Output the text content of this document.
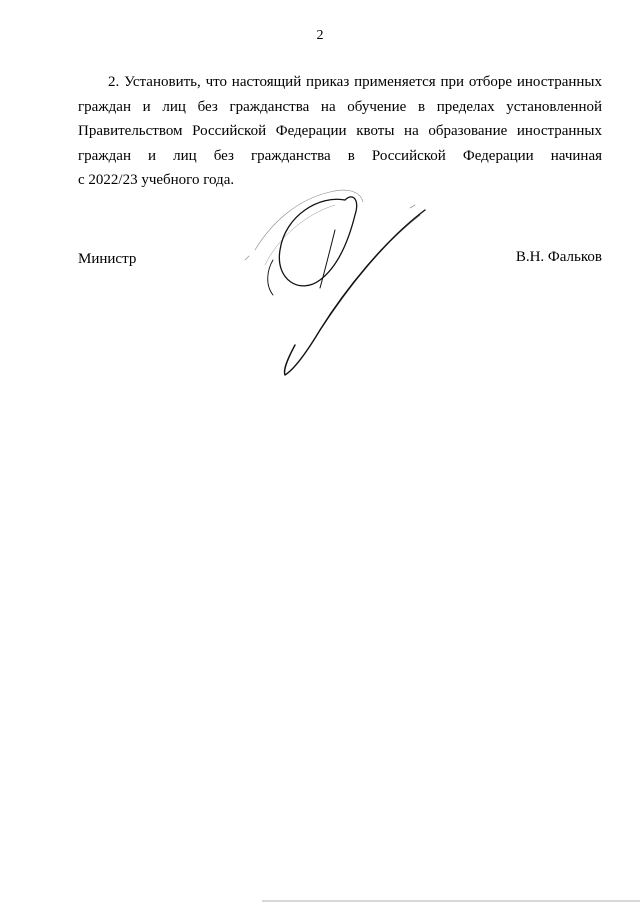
2
2. Установить, что настоящий приказ применяется при отборе иностранных
граждан и лиц без гражданства на обучение в пределах установленной
Правительством Российской Федерации квоты на образование иностранных
граждан и лиц без гражданства в Российской Федерации начиная
с 2022/23 учебного года.
Министр	В.Н. Фальков
